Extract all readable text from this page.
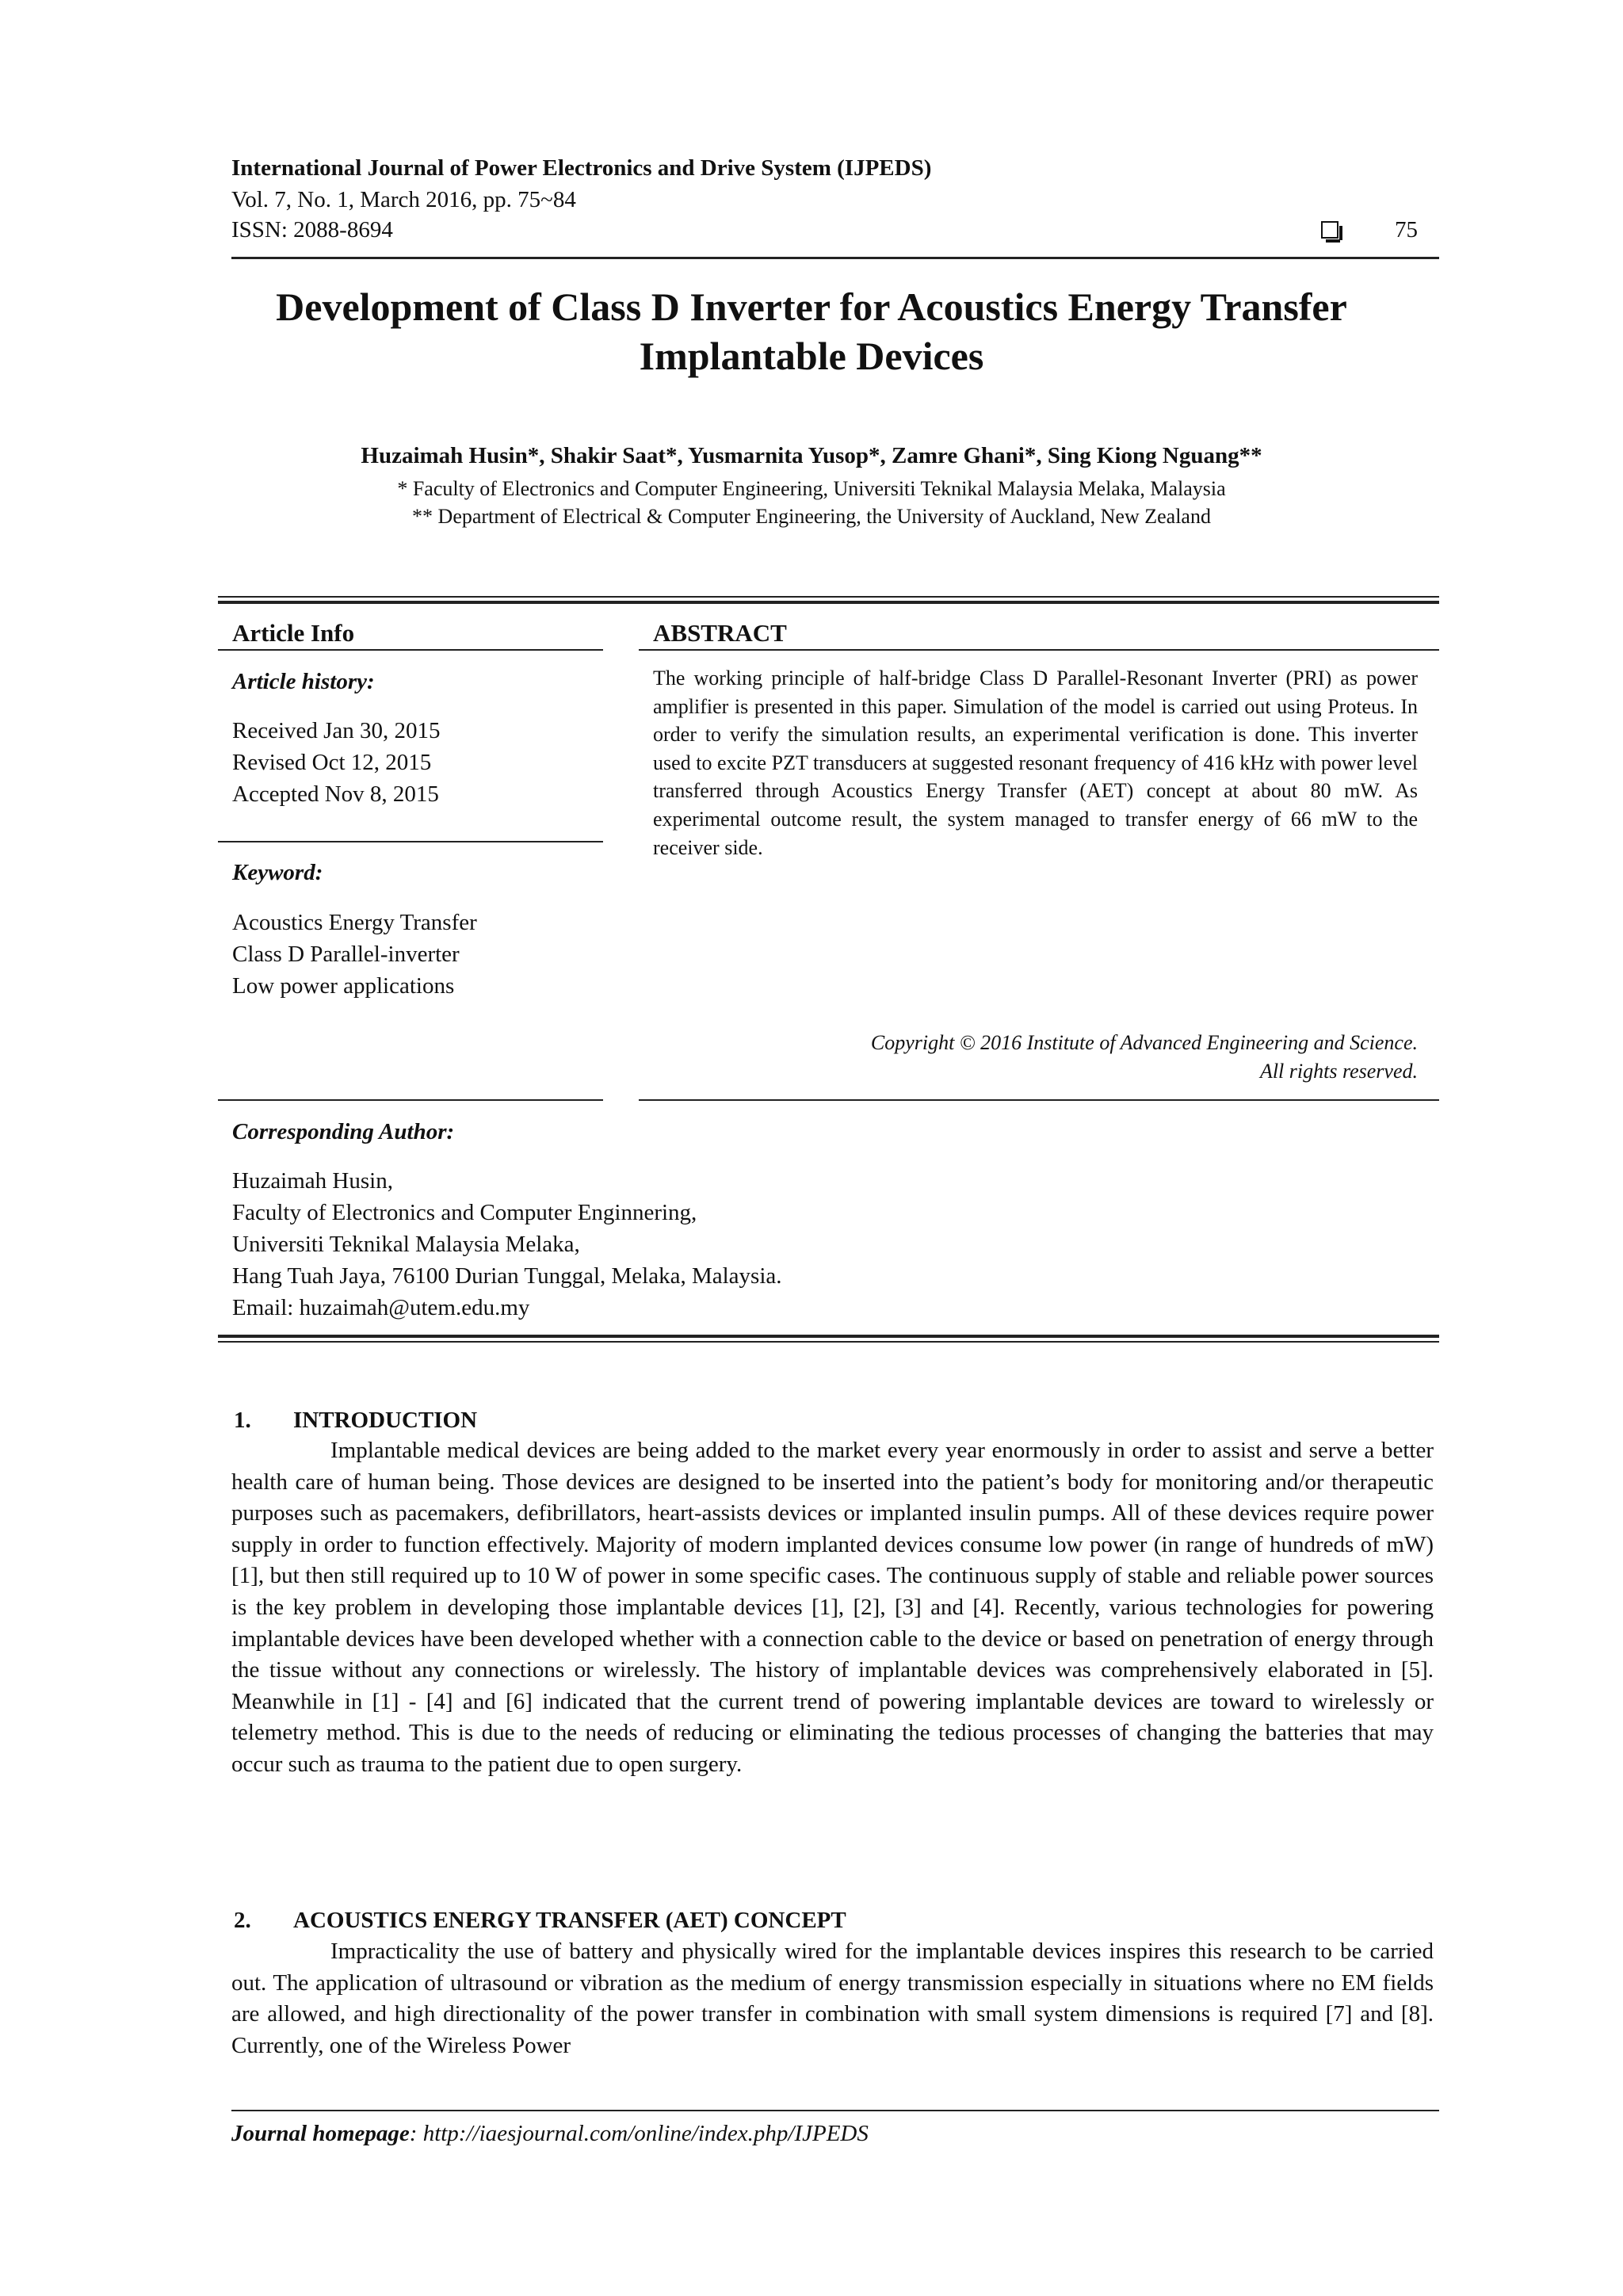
International Journal of Power Electronics and Drive System (IJPEDS)
Vol. 7, No. 1, March 2016, pp. 75~84
ISSN: 2088-8694	75
Development of Class D Inverter for Acoustics Energy Transfer
Implantable Devices
Huzaimah Husin*, Shakir Saat*, Yusmarnita Yusop*, Zamre Ghani*, Sing Kiong Nguang**
* Faculty of Electronics and Computer Engineering, Universiti Teknikal Malaysia Melaka, Malaysia
** Department of Electrical & Computer Engineering, the University of Auckland, New Zealand
Article Info
Article history:
Received Jan 30, 2015
Revised Oct 12, 2015
Accepted Nov 8, 2015
Keyword:
Acoustics Energy Transfer
Class D Parallel-inverter
Low power applications
ABSTRACT
The working principle of half-bridge Class D Parallel-Resonant Inverter (PRI) as power amplifier is presented in this paper. Simulation of the model is carried out using Proteus. In order to verify the simulation results, an experimental verification is done. This inverter used to excite PZT transducers at suggested resonant frequency of 416 kHz with power level transferred through Acoustics Energy Transfer (AET) concept at about 80 mW. As experimental outcome result, the system managed to transfer energy of 66 mW to the receiver side.
Copyright © 2016 Institute of Advanced Engineering and Science.
All rights reserved.
Corresponding Author:
Huzaimah Husin,
Faculty of Electronics and Computer Enginnering,
Universiti Teknikal Malaysia Melaka,
Hang Tuah Jaya, 76100 Durian Tunggal, Melaka, Malaysia.
Email: huzaimah@utem.edu.my
1. INTRODUCTION
Implantable medical devices are being added to the market every year enormously in order to assist and serve a better health care of human being. Those devices are designed to be inserted into the patient’s body for monitoring and/or therapeutic purposes such as pacemakers, defibrillators, heart-assists devices or implanted insulin pumps. All of these devices require power supply in order to function effectively. Majority of modern implanted devices consume low power (in range of hundreds of mW) [1], but then still required up to 10 W of power in some specific cases. The continuous supply of stable and reliable power sources is the key problem in developing those implantable devices [1], [2], [3] and [4]. Recently, various technologies for powering implantable devices have been developed whether with a connection cable to the device or based on penetration of energy through the tissue without any connections or wirelessly. The history of implantable devices was comprehensively elaborated in [5]. Meanwhile in [1] - [4] and [6] indicated that the current trend of powering implantable devices are toward to wirelessly or telemetry method. This is due to the needs of reducing or eliminating the tedious processes of changing the batteries that may occur such as trauma to the patient due to open surgery.
2. ACOUSTICS ENERGY TRANSFER (AET) CONCEPT
Impracticality the use of battery and physically wired for the implantable devices inspires this research to be carried out. The application of ultrasound or vibration as the medium of energy transmission especially in situations where no EM fields are allowed, and high directionality of the power transfer in combination with small system dimensions is required [7] and [8]. Currently, one of the Wireless Power
Journal homepage: http://iaesjournal.com/online/index.php/IJPEDS
